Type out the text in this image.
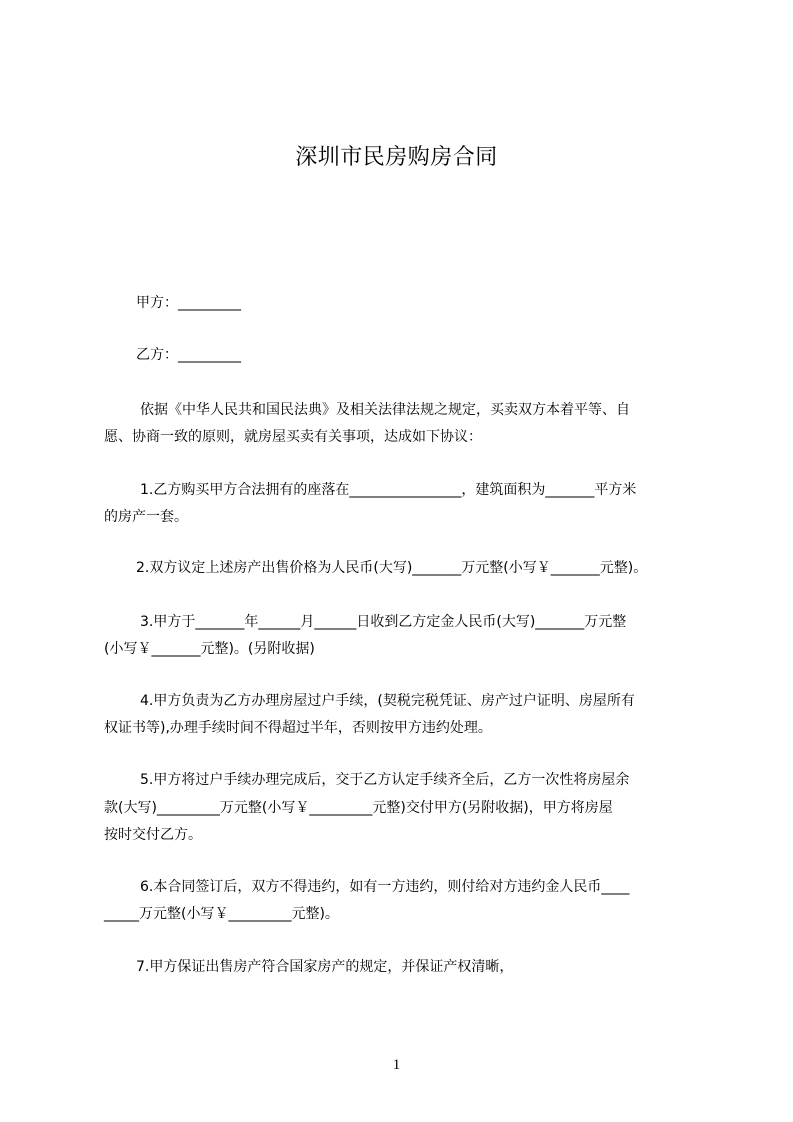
深圳市民房购房合同
甲方：_________
乙方：_________
依据《中华人民共和国民法典》及相关法律法规之规定，买卖双方本着平等、自
愿、协商一致的原则，就房屋买卖有关事项，达成如下协议：
1.乙方购买甲方合法拥有的座落在________________，建筑面积为_______平方米
的房产一套。
2.双方议定上述房产出售价格为人民币(大写)_______万元整(小写￥_______元整)。
3.甲方于_______年______月______日收到乙方定金人民币(大写)_______万元整
(小写￥_______元整)。(另附收据)
4.甲方负责为乙方办理房屋过户手续，(契税完税凭证、房产过户证明、房屋所有
权证书等),办理手续时间不得超过半年，否则按甲方违约处理。
5.甲方将过户手续办理完成后，交于乙方认定手续齐全后，乙方一次性将房屋余
款(大写)_________万元整(小写￥_________元整)交付甲方(另附收据)，甲方将房屋
按时交付乙方。
6.本合同签订后，双方不得违约，如有一方违约，则付给对方违约金人民币____
_____万元整(小写￥_________元整)。
7.甲方保证出售房产符合国家房产的规定，并保证产权清晰，
1
